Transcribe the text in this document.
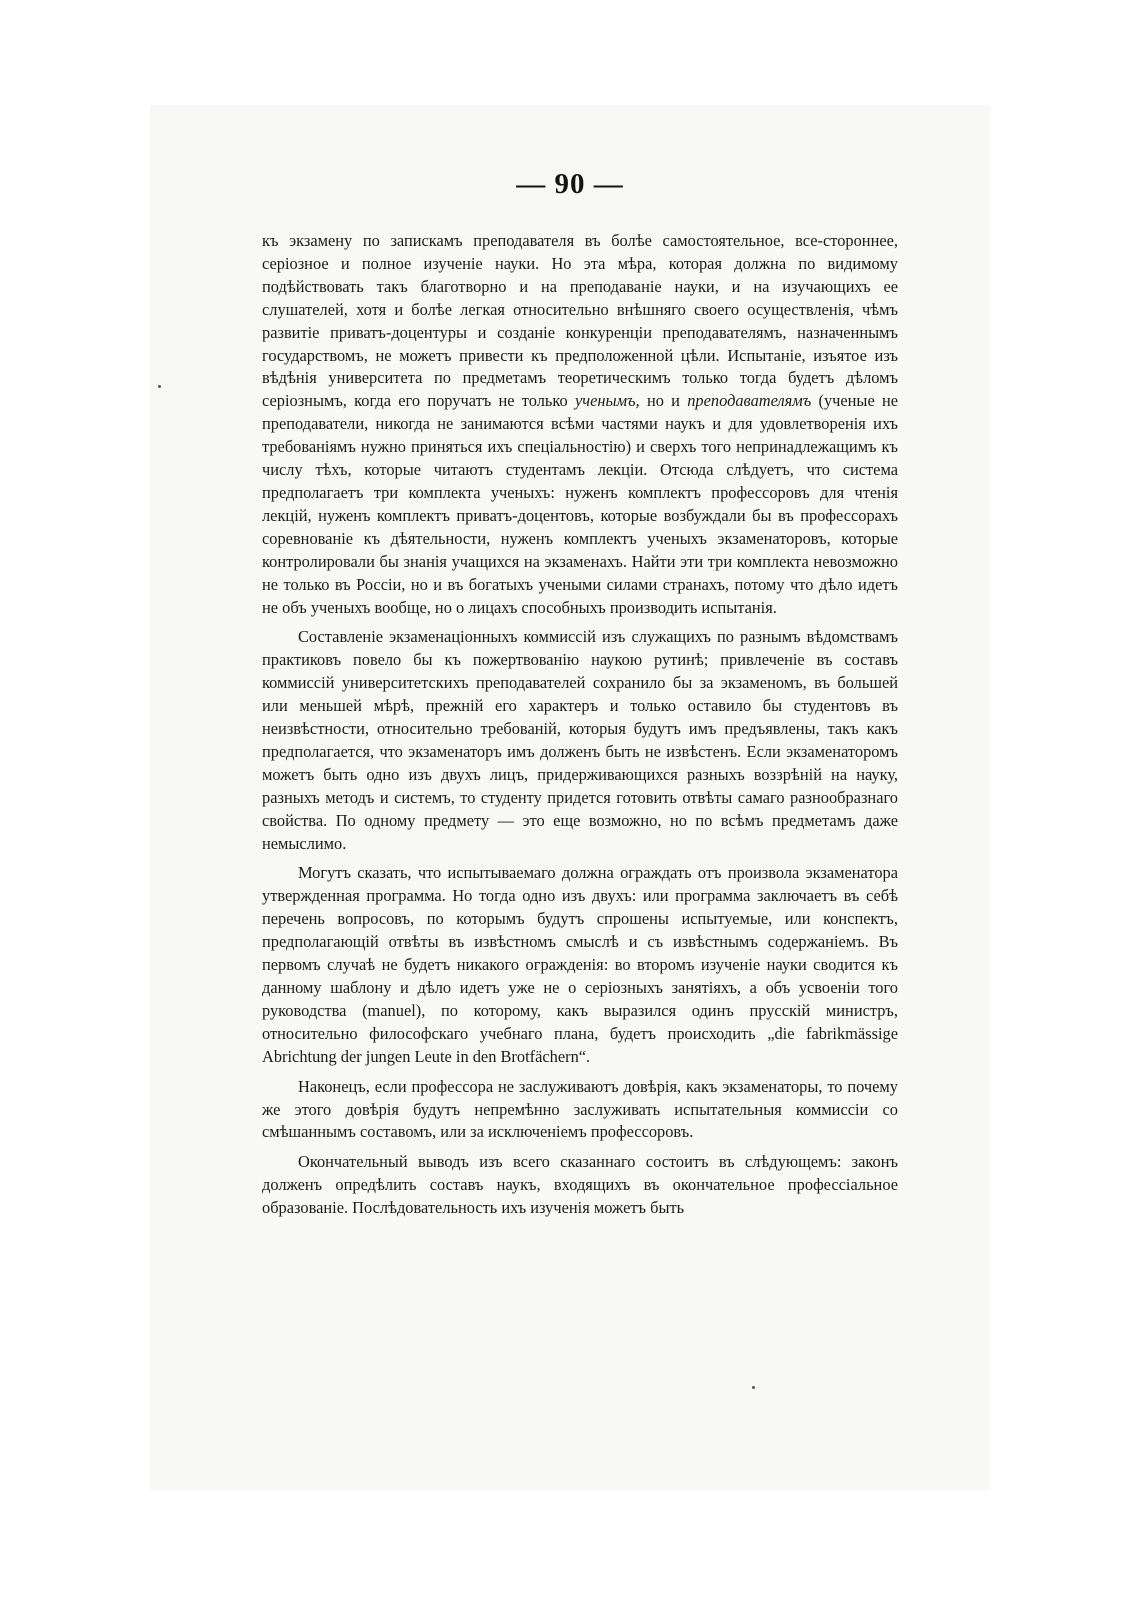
— 90 —

къ экзамену по запискамъ преподавателя въ болѣе самостоятельное, все-стороннее, серіозное и полное изученіе науки. Но эта мѣра, которая должна по видимому подѣйствовать такъ благотворно и на преподаваніе науки, и на изучающихъ ее слушателей, хотя и болѣе легкая относительно внѣшняго своего осуществленія, чѣмъ развитіе приватъ-доцентуры и созданіе конкуренціи преподавателямъ, назначеннымъ государствомъ, не можетъ привести къ предположенной цѣли. Испытаніе, изъятое изъ вѣдѣнія университета по предметамъ теоретическимъ только тогда будетъ дѣломъ серіознымъ, когда его поручатъ не только ученымъ, но и преподавателямъ (ученые не преподаватели, никогда не занимаются всѣми частями наукъ и для удовлетворенія ихъ требованіямъ нужно приняться ихъ спеціальностію) и сверхъ того непринадлежащимъ къ числу тѣхъ, которые читаютъ студентамъ лекціи. Отсюда слѣдуетъ, что система предполагаетъ три комплекта ученыхъ: нуженъ комплектъ профессоровъ для чтенія лекцій, нуженъ комплектъ приватъ-доцентовъ, которые возбуждали бы въ профессорахъ соревнованіе къ дѣятельности, нуженъ комплектъ ученыхъ экзаменаторовъ, которые контролировали бы знанія учащихся на экзаменахъ. Найти эти три комплекта невозможно не только въ Россіи, но и въ богатыхъ учеными силами странахъ, потому что дѣло идетъ не объ ученыхъ вообще, но о лицахъ способныхъ производить испытанія.

Составленіе экзаменаціонныхъ коммиссій изъ служащихъ по разнымъ вѣдомствамъ практиковъ повело бы къ пожертвованію наукою рутинѣ; привлеченіе въ составъ коммиссій университетскихъ преподавателей сохранило бы за экзаменомъ, въ большей или меньшей мѣрѣ, прежній его характеръ и только оставило бы студентовъ въ неизвѣстности, относительно требованій, которыя будутъ имъ предъявлены, такъ какъ предполагается, что экзаменаторъ имъ долженъ быть не извѣстенъ. Если экзаменаторомъ можетъ быть одно изъ двухъ лицъ, придерживающихся разныхъ воззрѣній на науку, разныхъ методъ и системъ, то студенту придется готовить отвѣты самаго разнообразнаго свойства. По одному предмету — это еще возможно, но по всѣмъ предметамъ даже немыслимо.

Могутъ сказать, что испытываемаго должна ограждать отъ произвола экзаменатора утвержденная программа. Но тогда одно изъ двухъ: или программа заключаетъ въ себѣ перечень вопросовъ, по которымъ будутъ спрошены испытуемые, или конспектъ, предполагающій отвѣты въ извѣстномъ смыслѣ и съ извѣстнымъ содержаніемъ. Въ первомъ случаѣ не будетъ никакого огражденія: во второмъ изученіе науки сводится къ данному шаблону и дѣло идетъ уже не о серіозныхъ занятіяхъ, а объ усвоеніи того руководства (manuel), по которому, какъ выразился одинъ прусскій министръ, относительно философскаго учебнаго плана, будетъ происходить „die fabrikmässige Abrichtung der jungen Leute in den Brotfächern“.

Наконецъ, если профессора не заслуживаютъ довѣрія, какъ экзаменаторы, то почему же этого довѣрія будутъ непремѣнно заслуживать испытательныя коммиссіи со смѣшаннымъ составомъ, или за исключеніемъ профессоровъ.

Окончательный выводъ изъ всего сказаннаго состоитъ въ слѣдующемъ: законъ долженъ опредѣлить составъ наукъ, входящихъ въ окончательное профессіальное образованіе. Послѣдовательность ихъ изученія можетъ быть
